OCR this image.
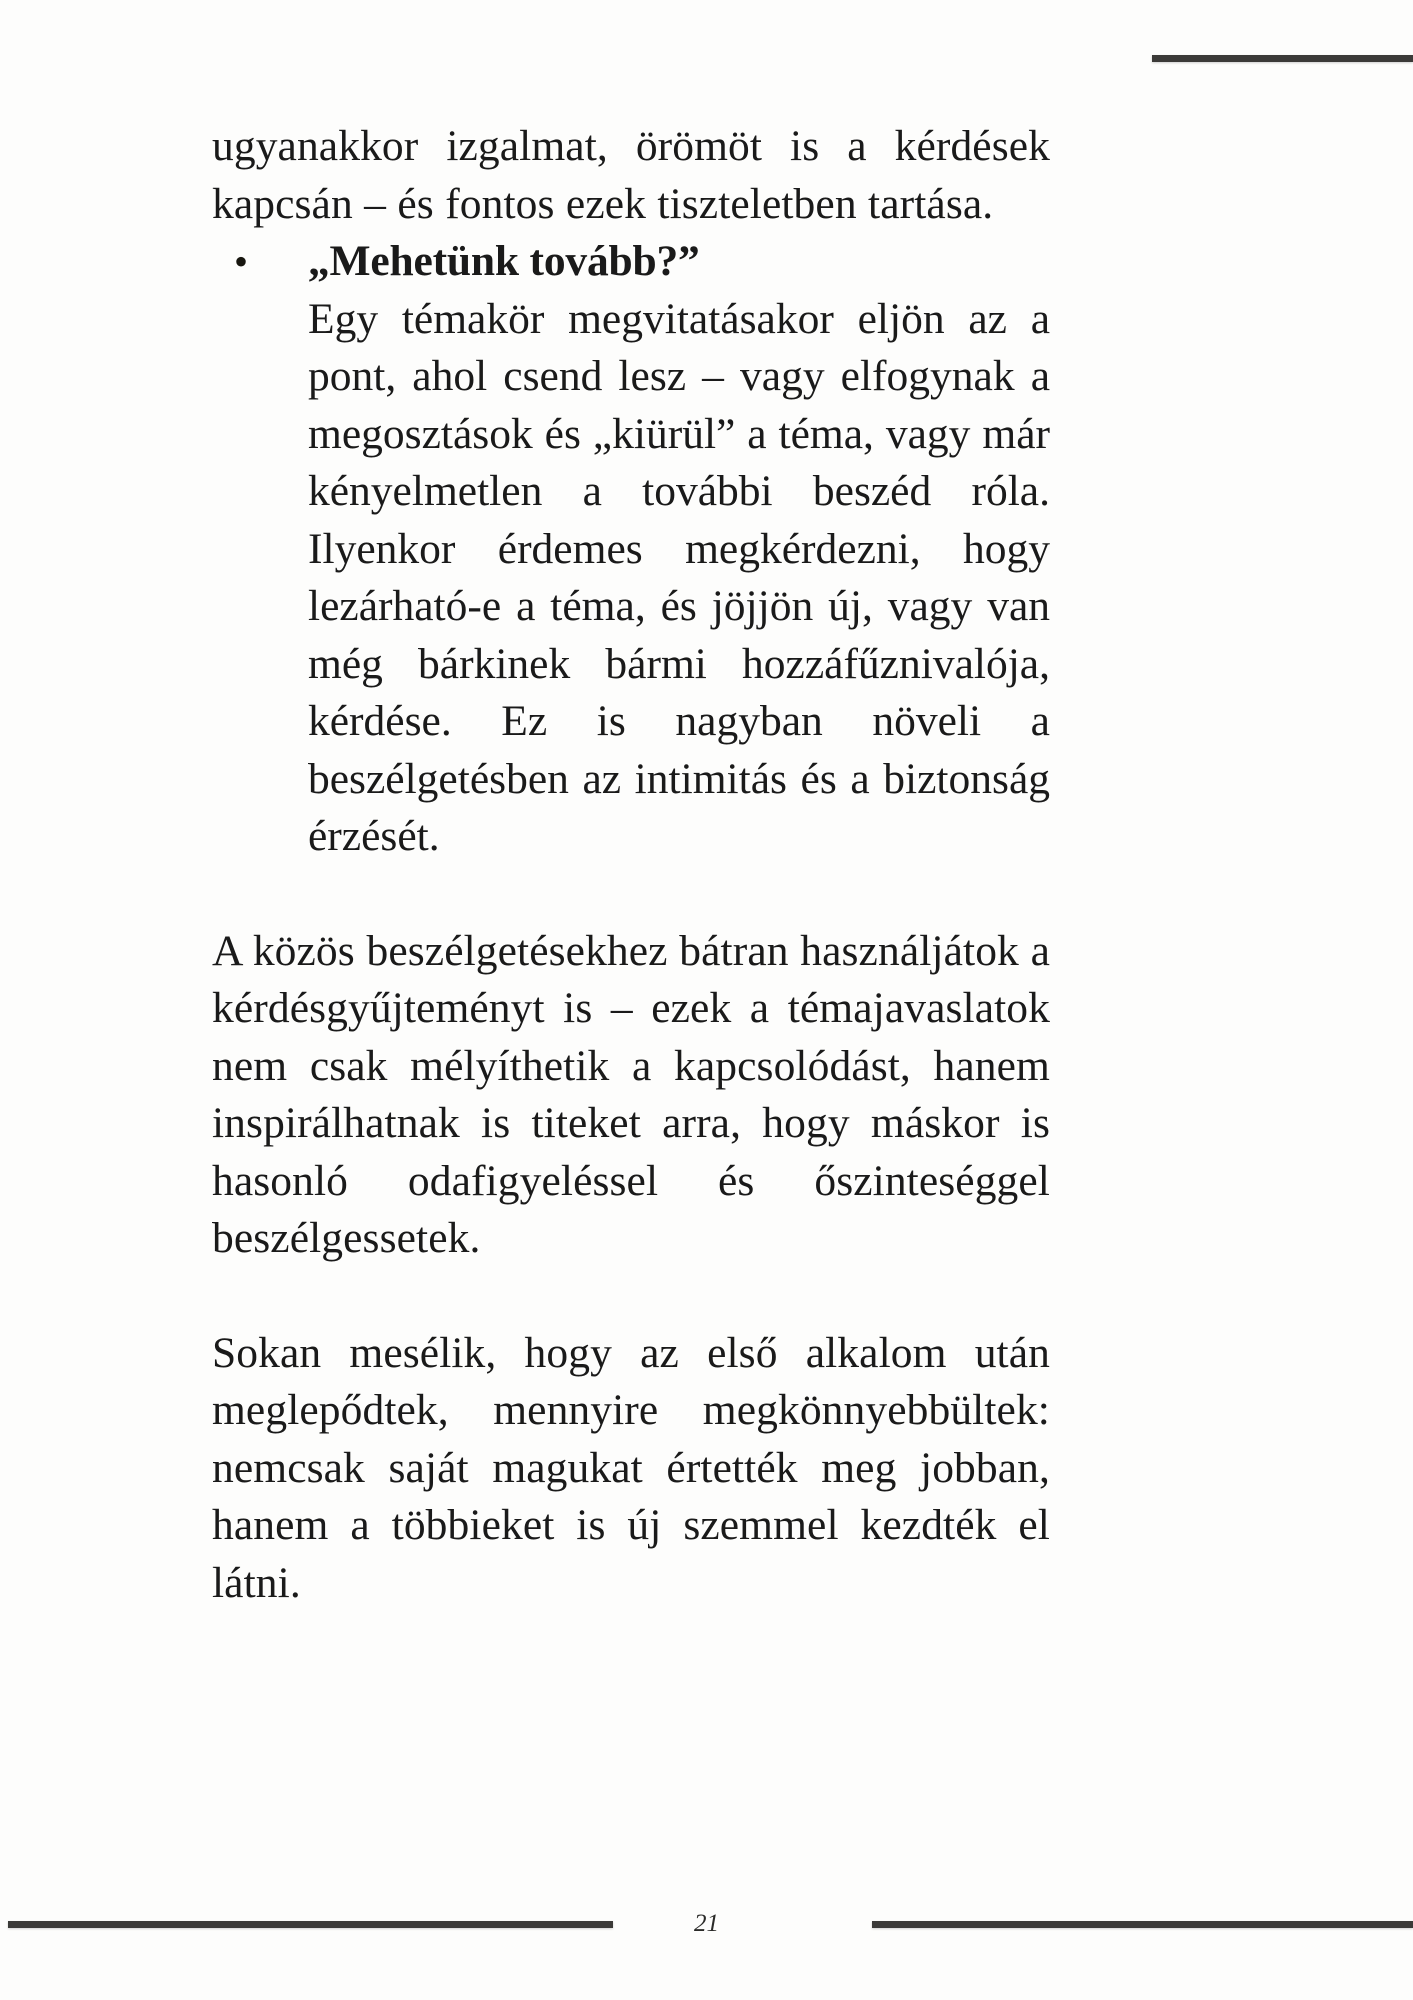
ugyanakkor izgalmat, örömöt is a kérdések kapcsán – és fontos ezek tiszteletben tartása.

• „Mehetünk tovább?”

Egy témakör megvitatásakor eljön az a pont, ahol csend lesz – vagy elfogynak a megosztások és „kiürül” a téma, vagy már kényelmetlen a további beszéd róla. Ilyenkor érdemes megkérdezni, hogy lezárható-e a téma, és jöjjön új, vagy van még bárkinek bármi hozzáfűznivalója, kérdése. Ez is nagyban növeli a beszélgetésben az intimitás és a biztonság érzését.

A közös beszélgetésekhez bátran használjátok a kérdésgyűjteményt is – ezek a témajavaslatok nem csak mélyíthetik a kapcsolódást, hanem inspirálhatnak is titeket arra, hogy máskor is hasonló odafigyeléssel és őszinteséggel beszélgessetek.

Sokan mesélik, hogy az első alkalom után meglepődtek, mennyire megkönnyebbültek: nemcsak saját magukat értették meg jobban, hanem a többieket is új szemmel kezdték el látni.

21
